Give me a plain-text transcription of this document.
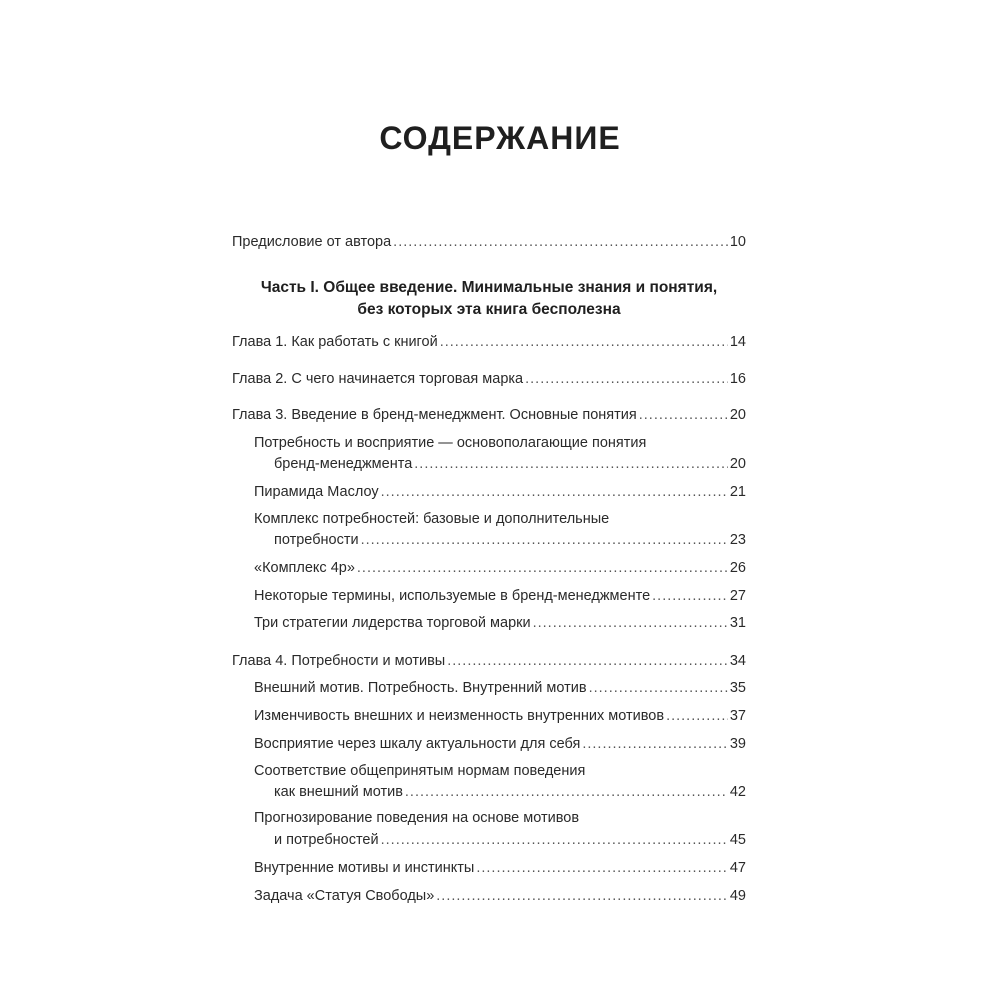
СОДЕРЖАНИЕ
Предисловие от автора .....	10
Часть I. Общее введение. Минимальные знания и понятия,
без которых эта книга бесполезна
Глава 1. Как работать с книгой .....	14
Глава 2. С чего начинается торговая марка .....	16
Глава 3. Введение в бренд-менеджмент. Основные понятия .....	20
Потребность и восприятие — основополагающие понятия
бренд-менеджмента .....	20
Пирамида Маслоу .....	21
Комплекс потребностей: базовые и дополнительные
потребности .....	23
«Комплекс 4р» .....	26
Некоторые термины, используемые в бренд-менеджменте .....	27
Три стратегии лидерства торговой марки .....	31
Глава 4. Потребности и мотивы .....	34
Внешний мотив. Потребность. Внутренний мотив .....	35
Изменчивость внешних и неизменность внутренних мотивов .....	37
Восприятие через шкалу актуальности для себя .....	39
Соответствие общепринятым нормам поведения
как внешний мотив .....	42
Прогнозирование поведения на основе мотивов
и потребностей .....	45
Внутренние мотивы и инстинкты .....	47
Задача «Статуя Свободы» .....	49
